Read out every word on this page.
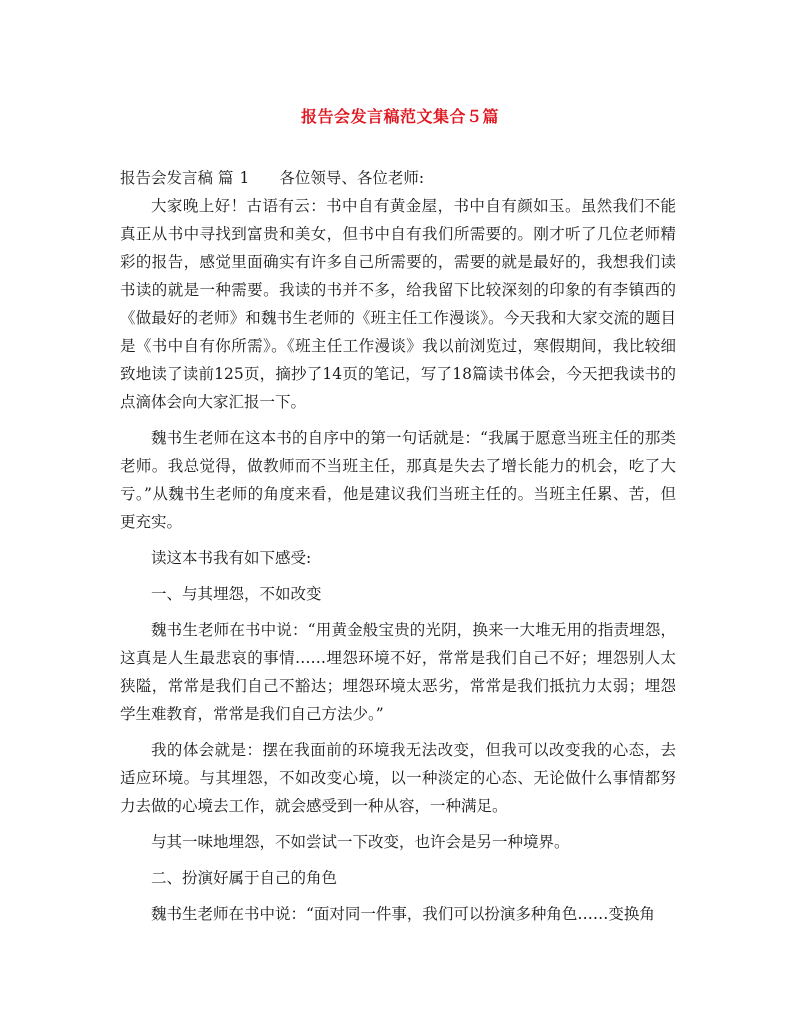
报告会发言稿范文集合５篇
报告会发言稿 篇 1 各位领导、各位老师:

大家晚上好！古语有云：书中自有黄金屋，书中自有颜如玉。虽然我们不能真正从书中寻找到富贵和美女，但书中自有我们所需要的。刚才听了几位老师精彩的报告，感觉里面确实有许多自己所需要的，需要的就是最好的，我想我们读书读的就是一种需要。我读的书并不多，给我留下比较深刻的印象的有李镇西的《做最好的老师》和魏书生老师的《班主任工作漫谈》。今天我和大家交流的题目是《书中自有你所需》。《班主任工作漫谈》我以前浏览过，寒假期间，我比较细致地读了读前125页，摘抄了14页的笔记，写了18篇读书体会，今天把我读书的点滴体会向大家汇报一下。

魏书生老师在这本书的自序中的第一句话就是：“我属于愿意当班主任的那类老师。我总觉得，做教师而不当班主任，那真是失去了增长能力的机会，吃了大亏。”从魏书生老师的角度来看，他是建议我们当班主任的。当班主任累、苦，但更充实。

读这本书我有如下感受:

一、与其埋怨，不如改变

魏书生老师在书中说：“用黄金般宝贵的光阴，换来一大堆无用的指责埋怨，这真是人生最悲哀的事情……埋怨环境不好，常常是我们自己不好；埋怨别人太狭隘，常常是我们自己不豁达；埋怨环境太恶劣，常常是我们抵抗力太弱；埋怨学生难教育，常常是我们自己方法少。”

我的体会就是：摆在我面前的环境我无法改变，但我可以改变我的心态，去适应环境。与其埋怨，不如改变心境，以一种淡定的心态、无论做什么事情都努力去做的心境去工作，就会感受到一种从容，一种满足。

与其一味地埋怨，不如尝试一下改变，也许会是另一种境界。

二、扮演好属于自己的角色

魏书生老师在书中说：“面对同一件事，我们可以扮演多种角色……变换角
